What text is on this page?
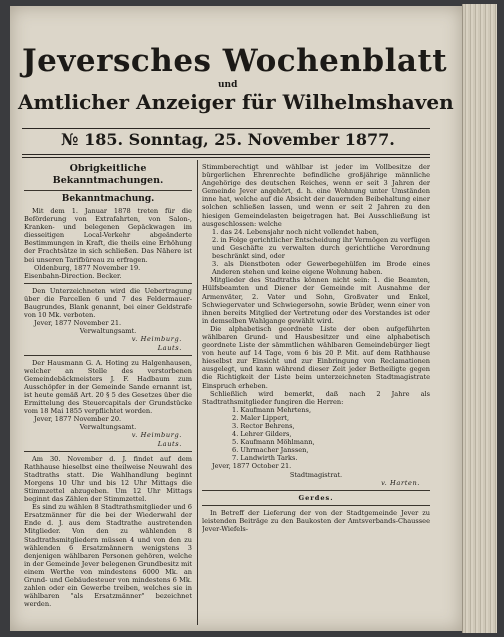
Jeversches Wochenblatt
und
Amtlicher Anzeiger für Wilhelmshaven
№ 185. Sonntag, 25. November 1877.
Obrigkeitliche Bekanntmachungen.
Bekanntmachung.

Mit dem 1. Januar 1878 treten für die Beförderung von Extrafahrten, von Salon-, Kranken- und belegenen Gepäckwagen im diesseitigen Local-Verkehr abgeänderte Bestimmungen in Kraft, die theils eine Erhöhung der Frachtsätze in sich schließen. Das Nähere ist bei unseren Tarifbüreau zu erfragen.

Oldenburg, 1877 November 19.

Eisenbahn-Direction. Becker.

Den Unterzeichneten wird die Uebertragung über die Parcellen 6 und 7 des Feldermauer-Baugrundes, Blank genannt, bei einer Geldstrafe von 10 Mk. verboten.

Jever, 1877 November 21.

Verwaltungsamt.

v. Heimburg.

Lauts.

Der Hausmann G. A. Hoting zu Halgenhausen, welcher an Stelle des verstorbenen Gemeindebäckmeisters J. F. Hadbaum zum Ausschöpfer in der Gemeinde Sande ernannt ist, ist heute gemäß Art. 20 § 5 des Gesetzes über die Ermittelung des Steuercapitals der Grundstücke vom 18 Mai 1855 verpflichtet worden.

Jever, 1877 November 20.

Verwaltungsamt.

v. Heimburg.

Lauts.

Am 30. November d. J. findet auf dem Rathhause hieselbst eine theilweise Neuwahl des Stadtraths statt. Die Wahlhandlung beginnt Morgens 10 Uhr und bis 12 Uhr Mittags die Stimmzettel abzugeben. Um 12 Uhr Mittags beginnt das Zählen der Stimmzettel.

Es sind zu wählen 8 Stadtrathsmitglieder und 6 Ersatzmänner für die bei der Wiederwahl der Ende d. J. aus dem Stadtrathe austretenden Mitglieder. Von den zu wählenden 8 Stadtrathsmitgliedern müssen 4 und von den zu wählenden 6 Ersatzmännern wenigstens 3 denjenigen wählbaren Personen gehören, welche in der Gemeinde Jever belegenen Grundbesitz mit einem Werthe von mindestens 6000 Mk. an Grund- und Gebäudesteuer von mindestens 6 Mk. zahlen oder ein Gewerbe treiben, welches sie in wählbaren "als Ersatzmänner" bezeichnet werden.

Stimmberechtigt und wählbar ist jeder im Vollbesitze der bürgerlichen Ehrenrechte befindliche großjährige männliche Angehörige des deutschen Reiches, wenn er seit 3 Jahren der Gemeinde Jever angehört, d. h. eine Wohnung unter Umständen inne hat, welche auf die Absicht der dauernden Beibehaltung einer solchen schließen lassen, und wenn er seit 2 Jahren zu den hiesigen Gemeindelasten beigetragen hat. Bei Ausschließung ist ausgeschlossen: welche

1. das 24. Lebensjahr noch nicht vollendet haben,

2. in Folge gerichtlicher Entscheidung ihr Vermögen zu verfügen und Geschäfte zu verwalten durch gerichtliche Verordnung beschränkt sind, oder

3. als Dienstboten oder Gewerbegehülfen im Brode eines Anderen stehen und keine eigene Wohnung haben.

Mitglieder des Stadtraths können nicht sein: 1. die Beamten, Hülfsbeamten und Diener der Gemeinde mit Ausnahme der Armenväter, 2. Vater und Sohn, Großvater und Enkel, Schwiegervater und Schwiegersohn, sowie Brüder, wenn einer von ihnen bereits Mitglied der Vertretung oder des Vorstandes ist oder in demselben Wahlgange gewählt wird.

Die alphabetisch geordnete Liste der oben aufgeführten wählbaren Grund- und Hausbesitzer und eine alphabetisch geordnete Liste der sämmtlichen wählbaren Gemeindebürger liegt von heute auf 14 Tage, vom 6 bis 20 P. Mit. auf dem Rathhause hieselbst zur Einsicht und zur Einbringung von Reclamationen ausgelegt, und kann während dieser Zeit jeder Betheiligte gegen die Richtigkeit der Liste beim unterzeichneten Stadtmagistrate Einspruch erheben.

Schließlich wird bemerkt, daß nach 2 Jahre als Stadtrathsmitglieder fungiren die Herren:

1. Kaufmann Mehrtens,

2. Maler Lippert,

3. Rector Behrens,

4. Lehrer Gilders,

5. Kaufmann Möhlmann,

6. Uhrmacher Janssen,

7. Landwirth Tarks.

Jever, 1877 October 21.

Stadtmagistrat.

v. Harten.

Gerdes.

In Betreff der Lieferung der von der Stadtgemeinde Jever zu leistenden Beiträge zu den Baukosten der Amtsverbands-Chaussee Jever-Wiefels-
